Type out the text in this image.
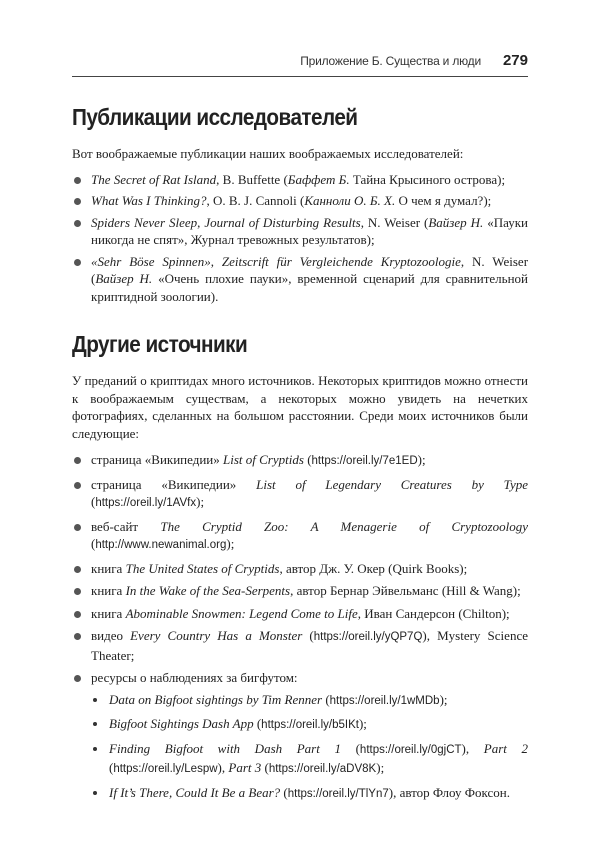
Приложение Б. Существа и люди 279
Публикации исследователей

Вот воображаемые публикации наших воображаемых исследователей:

The Secret of Rat Island, B. Buffette (Баффет Б. Тайна Крысиного острова);
What Was I Thinking?, O. B. J. Cannoli (Канноли О. Б. Х. О чем я думал?);
Spiders Never Sleep, Journal of Disturbing Results, N. Weiser (Вайзер Н. «Пауки никогда не спят», Журнал тревожных результатов);
«Sehr Böse Spinnen», Zeitscrift für Vergleichende Kryptozoologie, N. Weiser (Вайзер Н. «Очень плохие пауки», временной сценарий для сравнительной криптидной зоологии).
Другие источники

У преданий о криптидах много источников. Некоторых криптидов можно отнести к воображаемым существам, а некоторых можно увидеть на нечетких фотографиях, сделанных на большом расстоянии. Среди моих источников были следующие:

страница «Википедии» List of Cryptids (https://oreil.ly/7e1ED);
страница «Википедии» List of Legendary Creatures by Type (https://oreil.ly/1AVfx);
веб-сайт The Cryptid Zoo: A Menagerie of Cryptozoology (http://www.newanimal.org);
книга The United States of Cryptids, автор Дж. У. Окер (Quirk Books);
книга In the Wake of the Sea-Serpents, автор Бернар Эйвельманс (Hill & Wang);
книга Abominable Snowmen: Legend Come to Life, Иван Сандерсон (Chilton);
видео Every Country Has a Monster (https://oreil.ly/yQP7Q), Mystery Science Theater;
ресурсы о наблюдениях за бигфутом:
Data on Bigfoot sightings by Tim Renner (https://oreil.ly/1wMDb);
Bigfoot Sightings Dash App (https://oreil.ly/b5IKt);
Finding Bigfoot with Dash Part 1 (https://oreil.ly/0gjCT), Part 2 (https://oreil.ly/Lespw), Part 3 (https://oreil.ly/aDV8K);
If It’s There, Could It Be a Bear? (https://oreil.ly/TlYn7), автор Флоу Фоксон.
